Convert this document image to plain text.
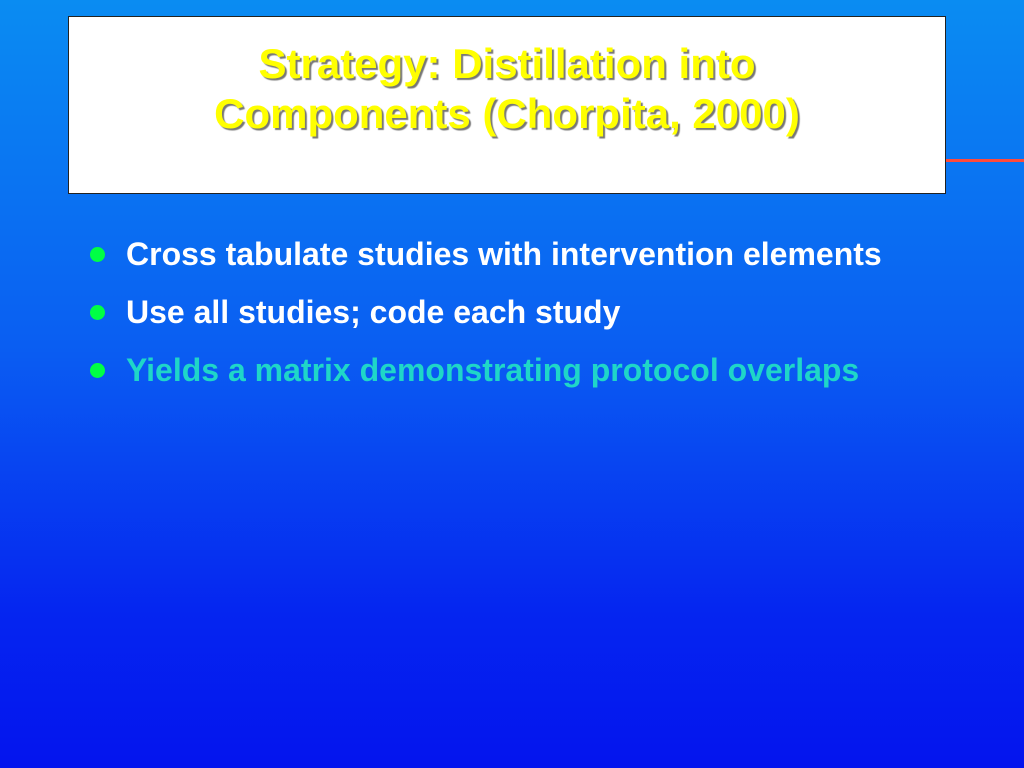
Strategy: Distillation into
Components (Chorpita, 2000)
Cross tabulate studies with intervention elements
Use all studies; code each study
Yields a matrix demonstrating protocol overlaps
